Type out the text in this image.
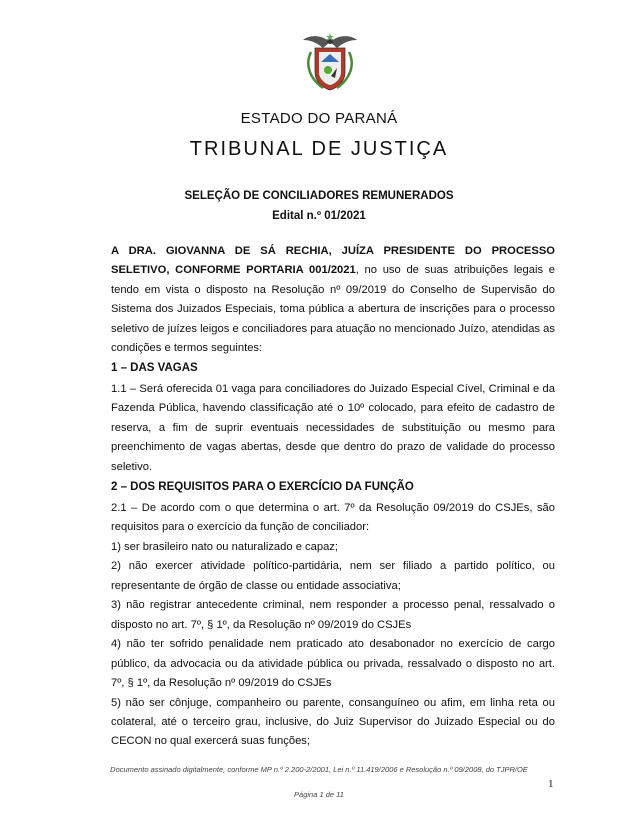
ESTADO DO PARANÁ
TRIBUNAL DE JUSTIÇA
SELEÇÃO DE CONCILIADORES REMUNERADOS
Edital n.º 01/2021
A DRA. GIOVANNA DE SÁ RECHIA, JUÍZA PRESIDENTE DO PROCESSO SELETIVO, CONFORME PORTARIA 001/2021, no uso de suas atribuições legais e tendo em vista o disposto na Resolução nº 09/2019 do Conselho de Supervisão do Sistema dos Juizados Especiais, toma pública a abertura de inscrições para o processo seletivo de juízes leigos e conciliadores para atuação no mencionado Juízo, atendidas as condições e termos seguintes:
1 – DAS VAGAS
1.1 – Será oferecida 01 vaga para conciliadores do Juizado Especial Cível, Criminal e da Fazenda Pública, havendo classificação até o 10º colocado, para efeito de cadastro de reserva, a fim de suprir eventuais necessidades de substituição ou mesmo para preenchimento de vagas abertas, desde que dentro do prazo de validade do processo seletivo.
2 – DOS REQUISITOS PARA O EXERCÍCIO DA FUNÇÃO

2.1 – De acordo com o que determina o art. 7º da Resolução 09/2019 do CSJEs, são requisitos para o exercício da função de conciliador:

1) ser brasileiro nato ou naturalizado e capaz;

2) não exercer atividade político-partidária, nem ser filiado a partido político, ou representante de órgão de classe ou entidade associativa;

3) não registrar antecedente criminal, nem responder a processo penal, ressalvado o disposto no art. 7º, § 1º, da Resolução nº 09/2019 do CSJEs

4) não ter sofrido penalidade nem praticado ato desabonador no exercício de cargo público, da advocacia ou da atividade pública ou privada, ressalvado o disposto no art. 7º, § 1º, da Resolução nº 09/2019 do CSJEs

5) não ser cônjuge, companheiro ou parente, consanguíneo ou afim, em linha reta ou colateral, até o terceiro grau, inclusive, do Juiz Supervisor do Juizado Especial ou do CECON no qual exercerá suas funções;

Documento assinado digitalmente, conforme MP n.º 2.200-2/2001, Lei n.º 11.419/2006 e Resolução n.º 09/2008, do TJPR/OE
1
Página 1 de 11
